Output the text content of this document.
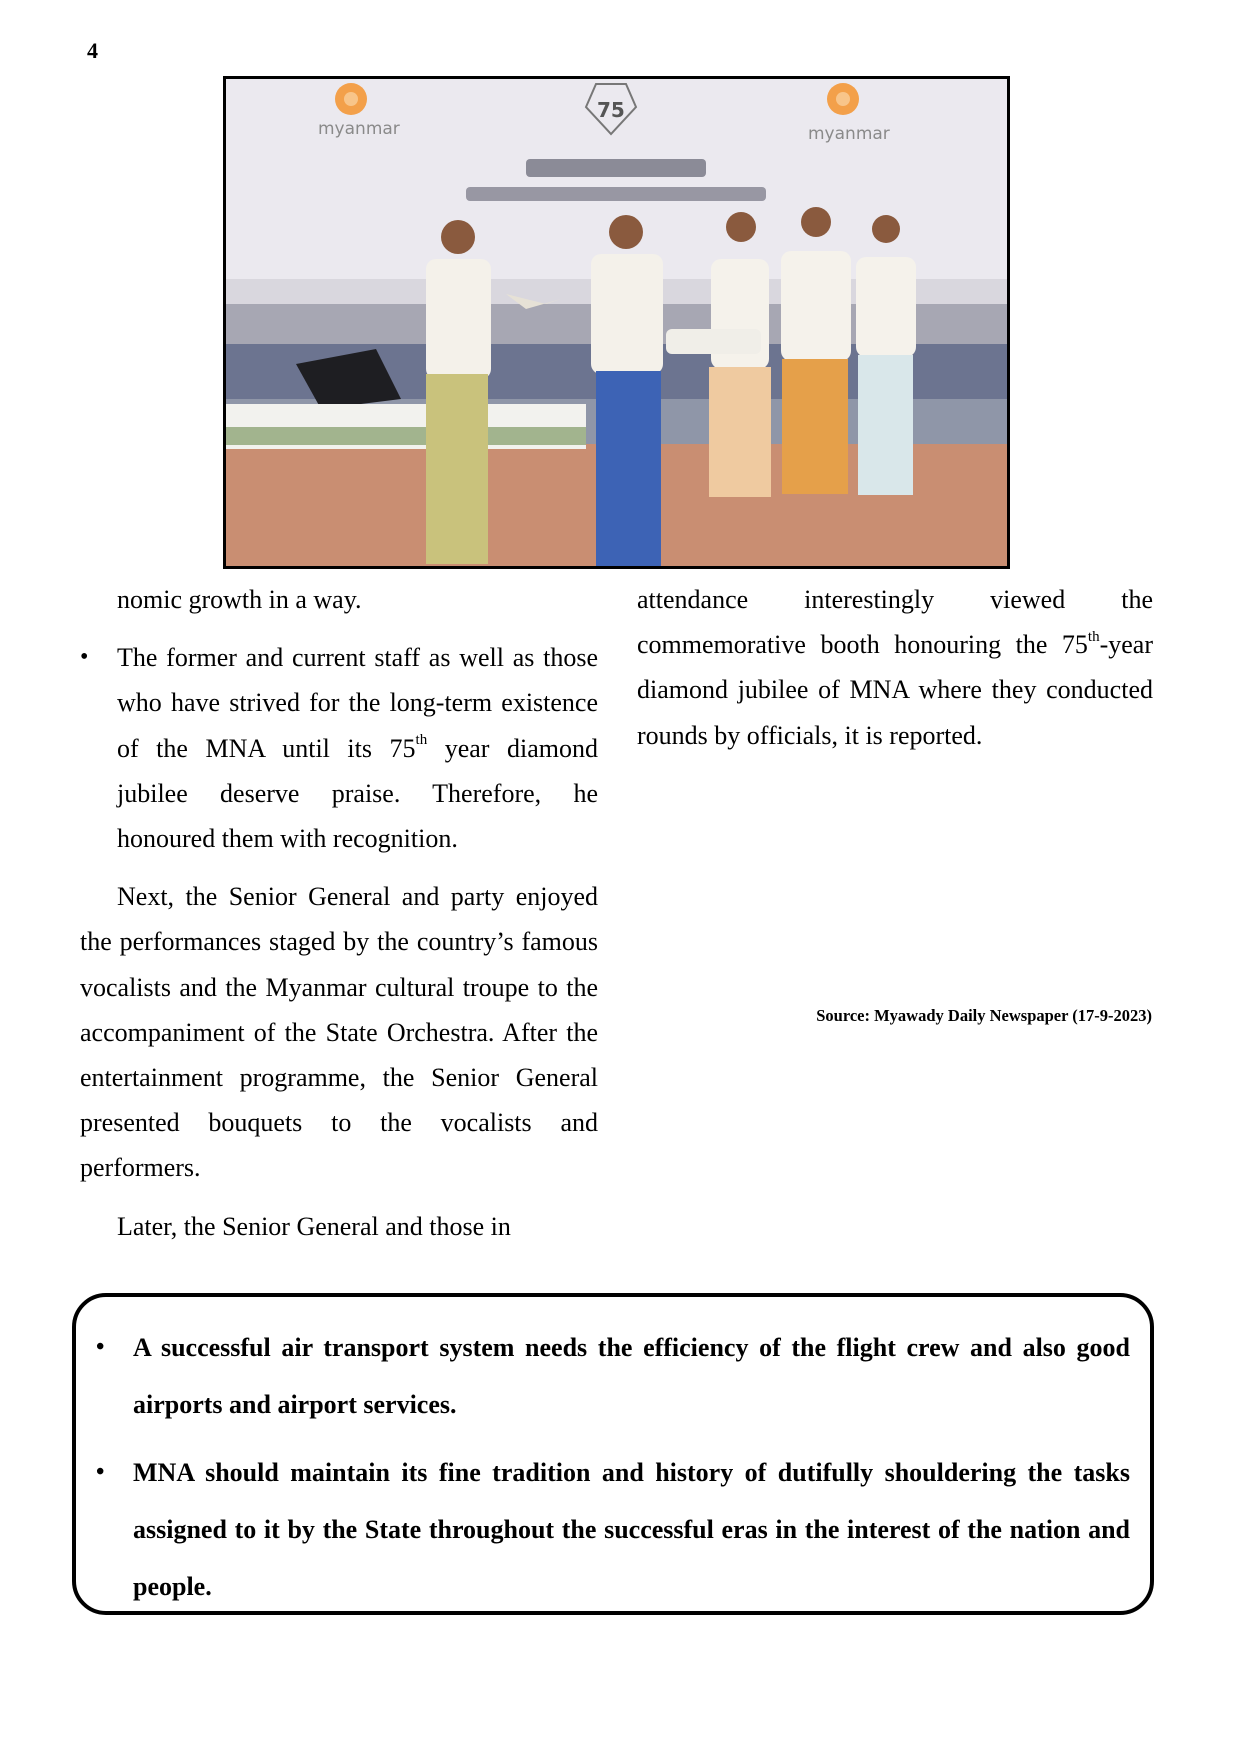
4
myanmar	myanmar
75

nomic growth in a way.

• The former and current staff as well as those who have strived for the long-term existence of the MNA until its 75th year diamond jubilee deserve praise. Therefore, he honoured them with recognition.

Next, the Senior General and party enjoyed the performances staged by the country’s famous vocalists and the Myanmar cultural troupe to the accompaniment of the State Orchestra. After the entertainment programme, the Senior General presented bouquets to the vocalists and performers.

Later, the Senior General and those in

attendance interestingly viewed the commemorative booth honouring the 75th-year diamond jubilee of MNA where they conducted rounds by officials, it is reported.

Source: Myawady Daily Newspaper (17-9-2023)
• A successful air transport system needs the efficiency of the flight crew and also good airports and airport services.
• MNA should maintain its fine tradition and history of dutifully shouldering the tasks assigned to it by the State throughout the successful eras in the interest of the nation and people.
